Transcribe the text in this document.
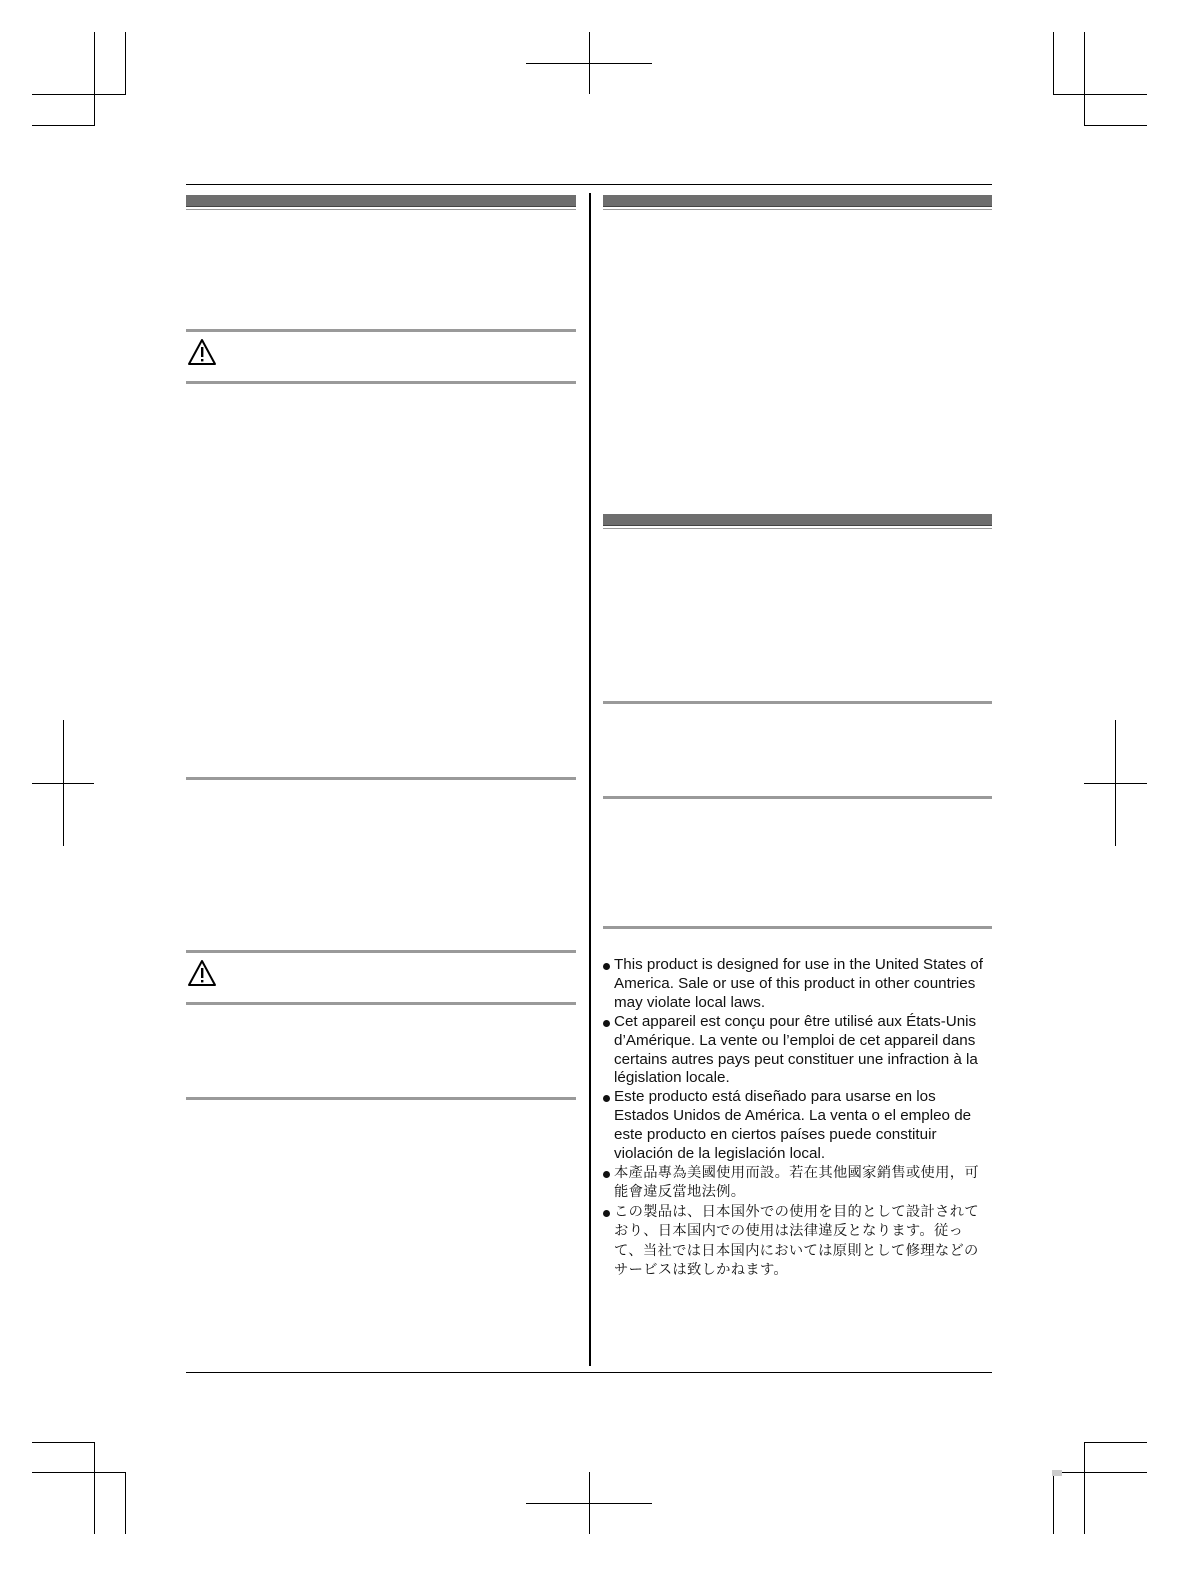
This product is designed for use in the United States of America. Sale or use of this product in other countries may violate local laws.
Cet appareil est conçu pour être utilisé aux États-Unis d’Amérique. La vente ou l’emploi de cet appareil dans certains autres pays peut constituer une infraction à la législation locale.
Este producto está diseñado para usarse en los Estados Unidos de América. La venta o el empleo de este producto en ciertos países puede constituir violación de la legislación local.
本產品專為美國使用而設。若在其他國家銷售或使用，可能會違反當地法例。
この製品は、日本国外での使用を目的として設計されており、日本国内での使用は法律違反となります。従って、当社では日本国内においては原則として修理などのサービスは致しかねます。
